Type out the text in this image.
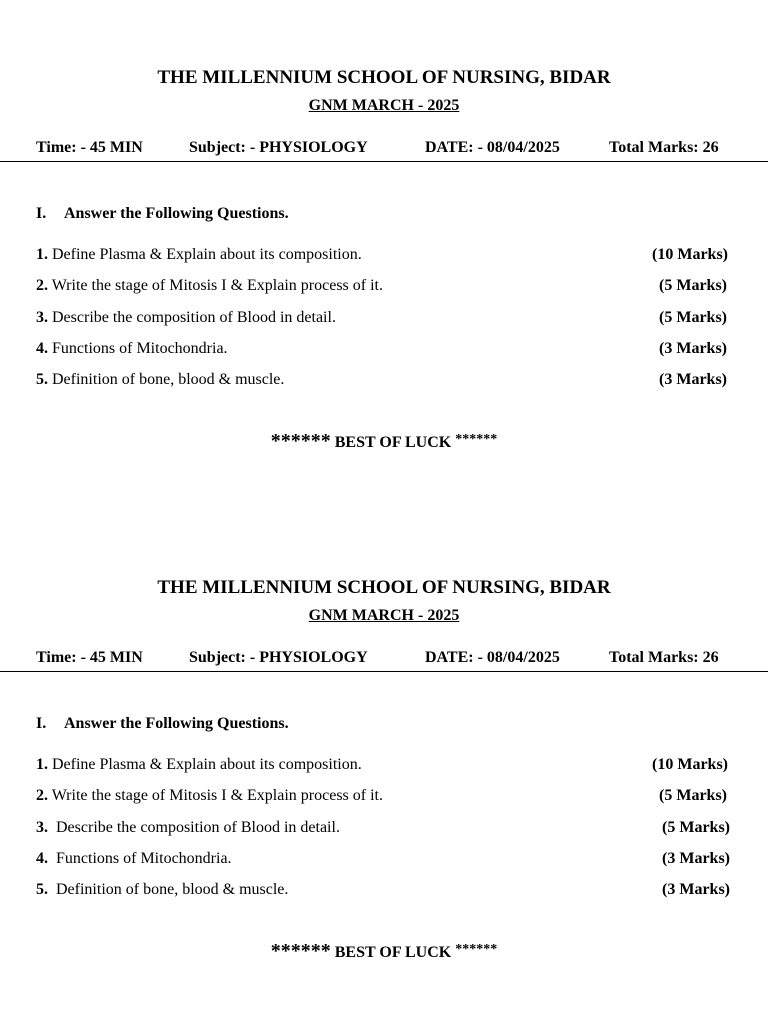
THE MILLENNIUM SCHOOL OF NURSING, BIDAR
GNM MARCH - 2025
Time: - 45 MIN	Subject: - PHYSIOLOGY	DATE: - 08/04/2025	Total Marks: 26
I. Answer the Following Questions.
1. Define Plasma & Explain about its composition.	(10 Marks)
2. Write the stage of Mitosis I & Explain process of it.	(5 Marks)
3. Describe the composition of Blood in detail.	(5 Marks)
4. Functions of Mitochondria.	(3 Marks)
5. Definition of bone, blood & muscle.	(3 Marks)
****** BEST OF LUCK ******
THE MILLENNIUM SCHOOL OF NURSING, BIDAR
GNM MARCH - 2025
Time: - 45 MIN	Subject: - PHYSIOLOGY	DATE: - 08/04/2025	Total Marks: 26
I. Answer the Following Questions.
1. Define Plasma & Explain about its composition.	(10 Marks)
2. Write the stage of Mitosis I & Explain process of it.	(5 Marks)
3.  Describe the composition of Blood in detail.	(5 Marks)
4.  Functions of Mitochondria.	(3 Marks)
5.  Definition of bone, blood & muscle.	(3 Marks)
****** BEST OF LUCK ******
